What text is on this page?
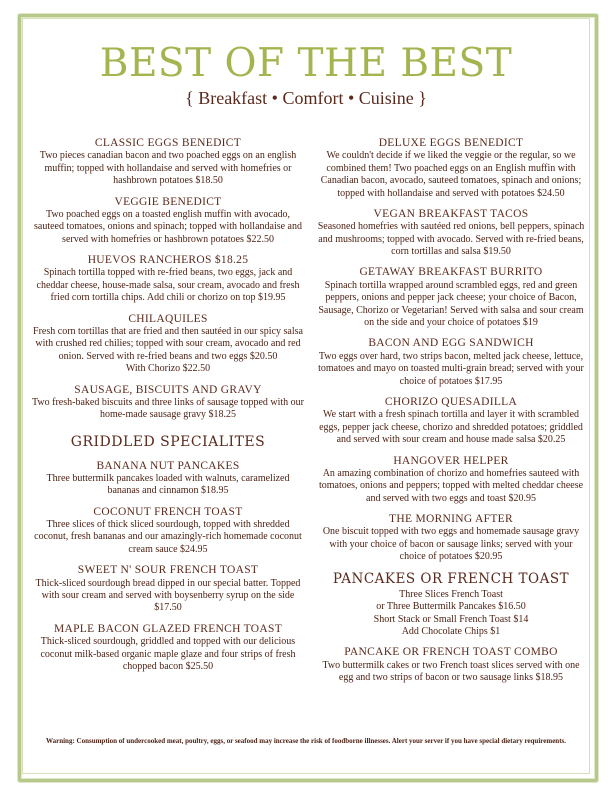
BEST OF THE BEST
{ Breakfast • Comfort • Cuisine }
CLASSIC EGGS BENEDICT
Two pieces canadian bacon and two poached eggs on an english muffin; topped with hollandaise and served with homefries or hashbrown potatoes $18.50
VEGGIE BENEDICT
Two poached eggs on a toasted english muffin with avocado, sauteed tomatoes, onions and spinach; topped with hollandaise and served with homefries or hashbrown potatoes $22.50
HUEVOS RANCHEROS $18.25
Spinach tortilla topped with re-fried beans, two eggs, jack and cheddar cheese, house-made salsa, sour cream, avocado and fresh fried corn tortilla chips. Add chili or chorizo on top $19.95
CHILAQUILES
Fresh corn tortillas that are fried and then sautéed in our spicy salsa with crushed red chilies; topped with sour cream, avocado and red onion. Served with re-fried beans and two eggs $20.50
With Chorizo $22.50
SAUSAGE, BISCUITS AND GRAVY
Two fresh-baked biscuits and three links of sausage topped with our home-made sausage gravy $18.25
GRIDDLED SPECIALITES
BANANA NUT PANCAKES
Three buttermilk pancakes loaded with walnuts, caramelized bananas and cinnamon $18.95
COCONUT FRENCH TOAST
Three slices of thick sliced sourdough, topped with shredded coconut, fresh bananas and our amazingly-rich homemade coconut cream sauce $24.95
SWEET N' SOUR FRENCH TOAST
Thick-sliced sourdough bread dipped in our special batter. Topped with sour cream and served with boysenberry syrup on the side $17.50
MAPLE BACON GLAZED FRENCH TOAST
Thick-sliced sourdough, griddled and topped with our delicious coconut milk-based organic maple glaze and four strips of fresh chopped bacon $25.50
DELUXE EGGS BENEDICT
We couldn't decide if we liked the veggie or the regular, so we combined them! Two poached eggs on an English muffin with Canadian bacon, avocado, sauteed tomatoes, spinach and onions; topped with hollandaise and served with potatoes $24.50
VEGAN BREAKFAST TACOS
Seasoned homefries with sautéed red onions, bell peppers, spinach and mushrooms; topped with avocado. Served with re-fried beans, corn tortillas and salsa $19.50
GETAWAY BREAKFAST BURRITO
Spinach tortilla wrapped around scrambled eggs, red and green peppers, onions and pepper jack cheese; your choice of Bacon, Sausage, Chorizo or Vegetarian! Served with salsa and sour cream on the side and your choice of potatoes $19
BACON AND EGG SANDWICH
Two eggs over hard, two strips bacon, melted jack cheese, lettuce, tomatoes and mayo on toasted multi-grain bread; served with your choice of potatoes $17.95
CHORIZO QUESADILLA
We start with a fresh spinach tortilla and layer it with scrambled eggs, pepper jack cheese, chorizo and shredded potatoes; griddled and served with sour cream and house made salsa $20.25
HANGOVER HELPER
An amazing combination of chorizo and homefries sauteed with tomatoes, onions and peppers; topped with melted cheddar cheese and served with two eggs and toast $20.95
THE MORNING AFTER
One biscuit topped with two eggs and homemade sausage gravy with your choice of bacon or sausage links; served with your choice of potatoes $20.95
PANCAKES OR FRENCH TOAST
Three Slices French Toast
or Three Buttermilk Pancakes $16.50
Short Stack or Small French Toast $14
Add Chocolate Chips $1
PANCAKE OR FRENCH TOAST COMBO
Two buttermilk cakes or two French toast slices served with one egg and two strips of bacon or two sausage links $18.95
Warning: Consumption of undercooked meat, poultry, eggs, or seafood may increase the risk of foodborne illnesses. Alert your server if you have special dietary requirements.
